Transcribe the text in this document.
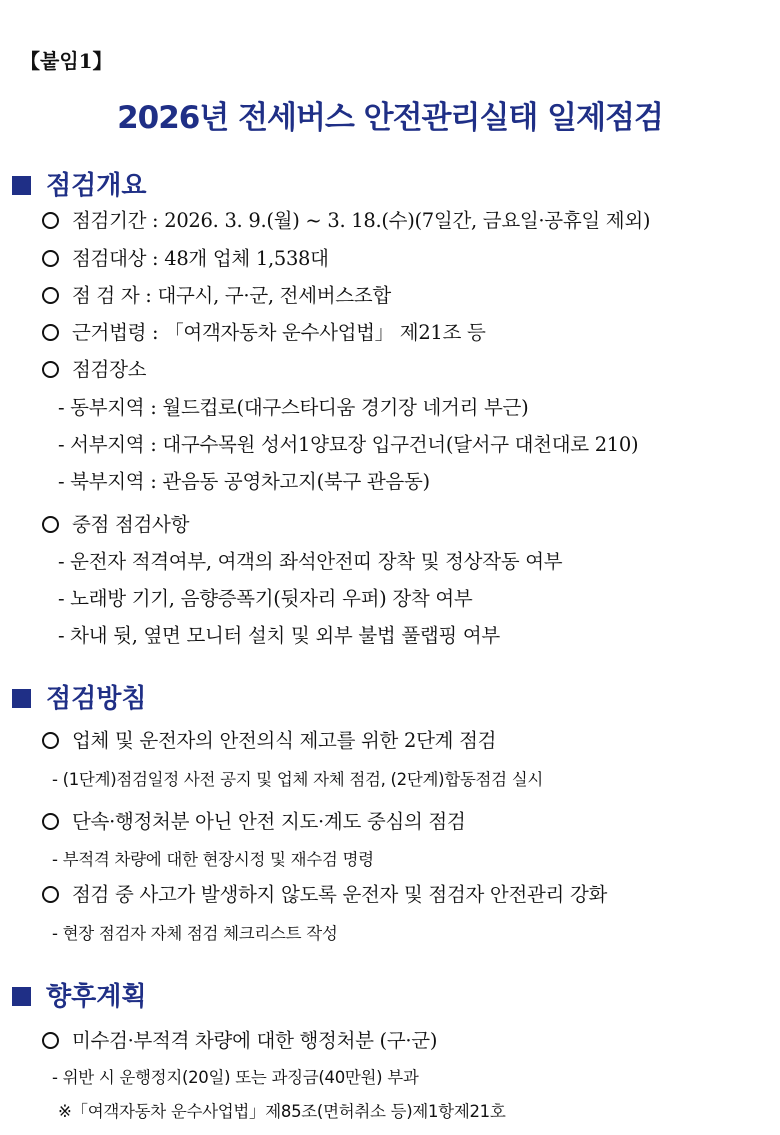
【붙임1】
2026년 전세버스 안전관리실태 일제점검
점검개요
점검기간 : 2026. 3. 9.(월) ~ 3. 18.(수)(7일간, 금요일·공휴일 제외)
점검대상 : 48개 업체 1,538대
점 검 자 : 대구시, 구·군, 전세버스조합
근거법령 : 「여객자동차 운수사업법」 제21조 등
점검장소
- 동부지역 : 월드컵로(대구스타디움 경기장 네거리 부근)
- 서부지역 : 대구수목원 성서1양묘장 입구건너(달서구 대천대로 210)
- 북부지역 : 관음동 공영차고지(북구 관음동)
중점 점검사항
- 운전자 적격여부, 여객의 좌석안전띠 장착 및 정상작동 여부
- 노래방 기기, 음향증폭기(뒷자리 우퍼) 장착 여부
- 차내 뒷, 옆면 모니터 설치 및 외부 불법 풀랩핑 여부
점검방침
업체 및 운전자의 안전의식 제고를 위한 2단계 점검
- (1단계)점검일정 사전 공지 및 업체 자체 점검, (2단계)합동점검 실시
단속·행정처분 아닌 안전 지도·계도 중심의 점검
- 부적격 차량에 대한 현장시정 및 재수검 명령
점검 중 사고가 발생하지 않도록 운전자 및 점검자 안전관리 강화
- 현장 점검자 자체 점검 체크리스트 작성
향후계획
미수검·부적격 차량에 대한 행정처분 (구·군)
- 위반 시 운행정지(20일) 또는 과징금(40만원) 부과
※「여객자동차 운수사업법」제85조(면허취소 등)제1항제21호
